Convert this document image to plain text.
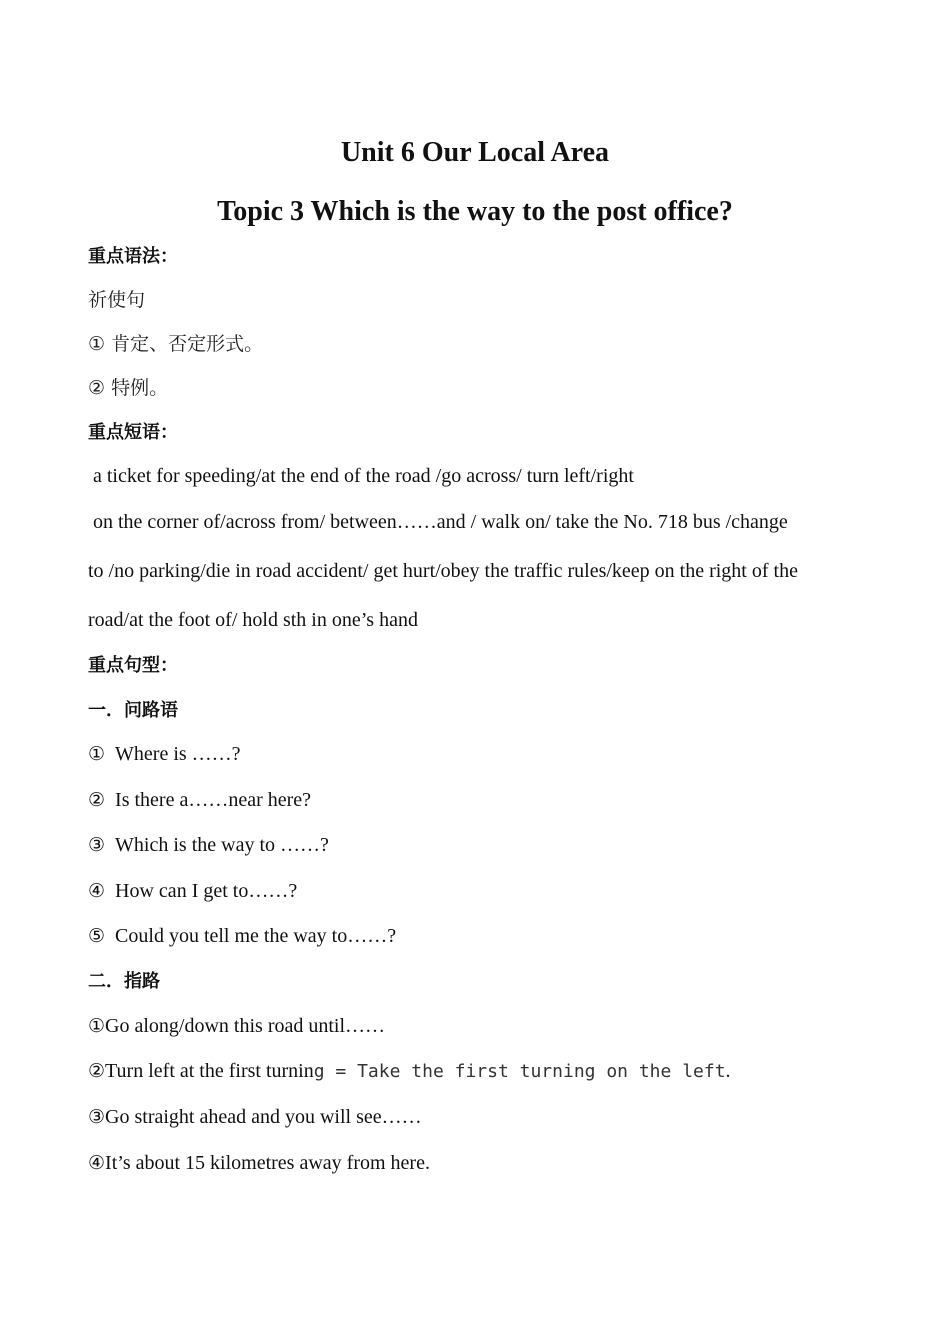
Unit 6 Our Local Area
Topic 3 Which is the way to the post office?
重点语法：
祈使句
① 肯定、否定形式。
② 特例。
重点短语：
a ticket for speeding/at the end of the road /go across/ turn left/right
on the corner of/across from/ between……and / walk on/ take the No. 718 bus /change
to /no parking/die in road accident/ get hurt/obey the traffic rules/keep on the right of the
road/at the foot of/ hold sth in one’s hand
重点句型：
一．问路语
① Where is ……?
② Is there a……near here?
③ Which is the way to ……?
④ How can I get to……?
⑤ Could you tell me the way to……?
二．指路
①Go along/down this road until……
②Turn left at the first turning = Take the first turning on the left.
③Go straight ahead and you will see……
④It’s about 15 kilometres away from here.
